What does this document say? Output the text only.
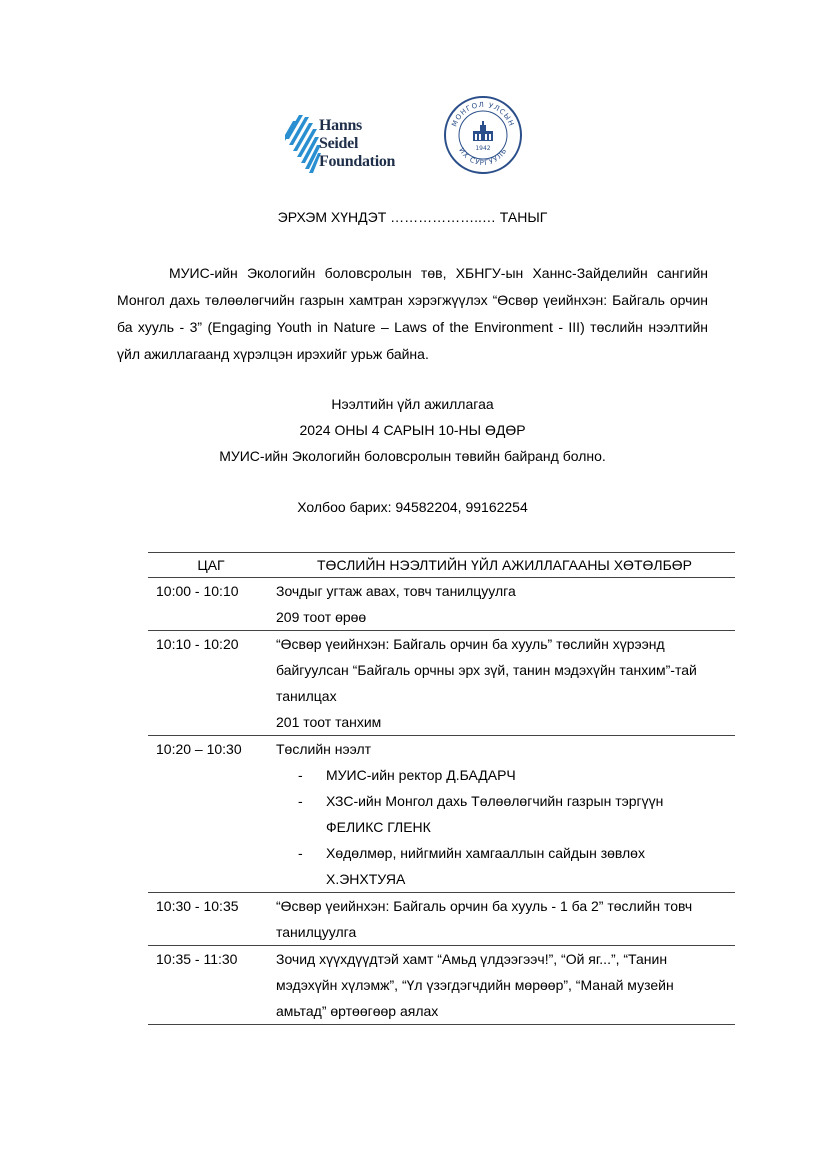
Hanns
Seidel
Foundation
МОНГОЛ УЛСЫН
ИХ СУРГУУЛЬ
1942
ЭРХЭМ ХҮНДЭТ ………………..… ТАНЫГ
МУИС-ийн Экологийн боловсролын төв, ХБНГУ-ын Ханнс-Зайделийн сангийн Монгол дахь төлөөлөгчийн газрын хамтран хэрэгжүүлэх “Өсвөр үеийнхэн: Байгаль орчин ба хууль - 3” (Engaging Youth in Nature – Laws of the Environment - III) төслийн нээлтийн үйл ажиллагаанд хүрэлцэн ирэхийг урьж байна.
Нээлтийн үйл ажиллагаа
2024 ОНЫ 4 САРЫН 10-НЫ ӨДӨР
МУИС-ийн Экологийн боловсролын төвийн байранд болно.
Холбоо барих: 94582204, 99162254
ЦАГ	ТӨСЛИЙН НЭЭЛТИЙН ҮЙЛ АЖИЛЛАГААНЫ ХӨТӨЛБӨР
10:00 - 10:10	Зочдыг угтаж авах, товч танилцуулга
209 тоот өрөө

10:10 - 10:20	“Өсвөр үеийнхэн: Байгаль орчин ба хууль” төслийн хүрээнд байгуулсан “Байгаль орчны эрх зүй, танин мэдэхүйн танхим”-тай танилцах
201 тоот танхим

10:20 – 10:30	Төслийн нээлт
- МУИС-ийн ректор Д.БАДАРЧ
- ХЗС-ийн Монгол дахь Төлөөлөгчийн газрын тэргүүн ФЕЛИКС ГЛЕНК
- Хөдөлмөр, нийгмийн хамгааллын сайдын зөвлөх Х.ЭНХТУЯА

10:30 - 10:35	“Өсвөр үеийнхэн: Байгаль орчин ба хууль - 1 ба 2” төслийн товч танилцуулга

10:35 - 11:30	Зочид хүүхдүүдтэй хамт “Амьд үлдээгээч!”, “Ой яг...”, “Танин мэдэхүйн хүлэмж”, “Үл үзэгдэгчдийн мөрөөр”, “Манай музейн амьтад” өртөөгөөр аялах
